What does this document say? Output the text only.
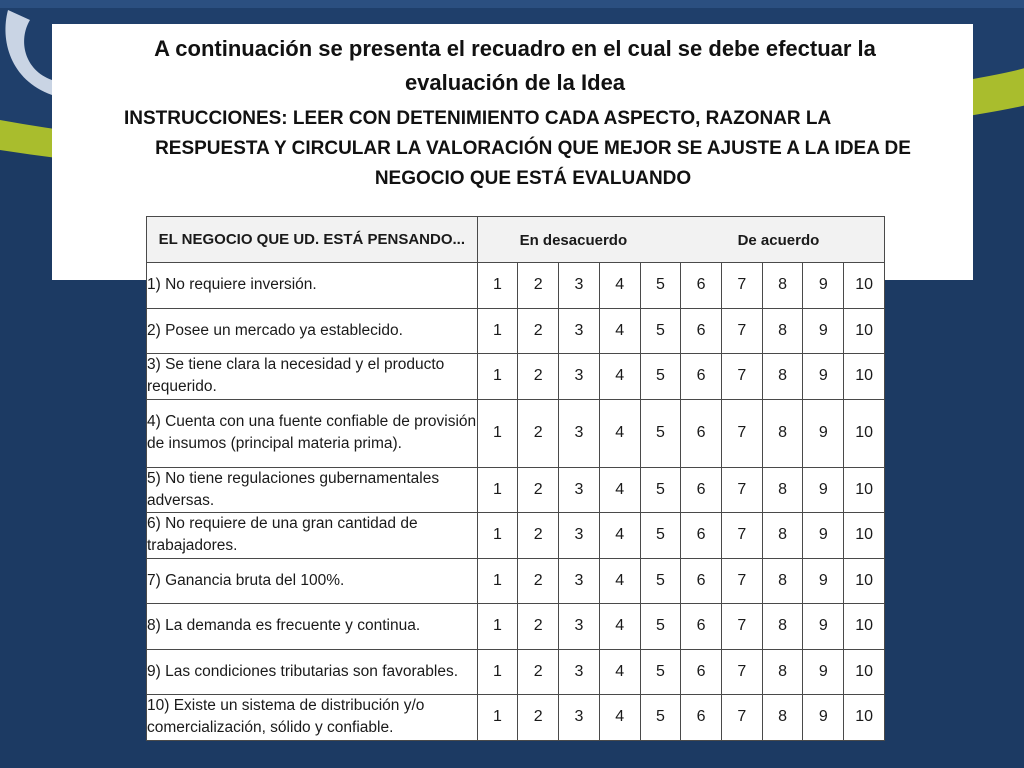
A continuación se presenta el recuadro en el cual se debe efectuar la evaluación de la Idea
INSTRUCCIONES: LEER CON DETENIMIENTO CADA ASPECTO, RAZONAR LA
RESPUESTA Y CIRCULAR LA VALORACIÓN QUE MEJOR SE AJUSTE A LA IDEA DE
NEGOCIO QUE ESTÁ EVALUANDO
EL NEGOCIO QUE UD. ESTÁ PENSANDO...	En desacuerdo De acuerdo									

1) No requiere inversión.	1	2	3	4	5	6	7	8	9	10
2) Posee un mercado ya establecido.	1	2	3	4	5	6	7	8	9	10
3) Se tiene clara la necesidad y el producto requerido.	1	2	3	4	5	6	7	8	9	10
4) Cuenta con una fuente confiable de provisión de insumos (principal materia prima).	1	2	3	4	5	6	7	8	9	10
5) No tiene regulaciones gubernamentales adversas.	1	2	3	4	5	6	7	8	9	10
6) No requiere de una gran cantidad de trabajadores.	1	2	3	4	5	6	7	8	9	10
7) Ganancia bruta del 100%.	1	2	3	4	5	6	7	8	9	10
8) La demanda es frecuente y continua.	1	2	3	4	5	6	7	8	9	10
9) Las condiciones tributarias son favorables.	1	2	3	4	5	6	7	8	9	10
10) Existe un sistema de distribución y/o comercialización, sólido y confiable.	1	2	3	4	5	6	7	8	9	10
